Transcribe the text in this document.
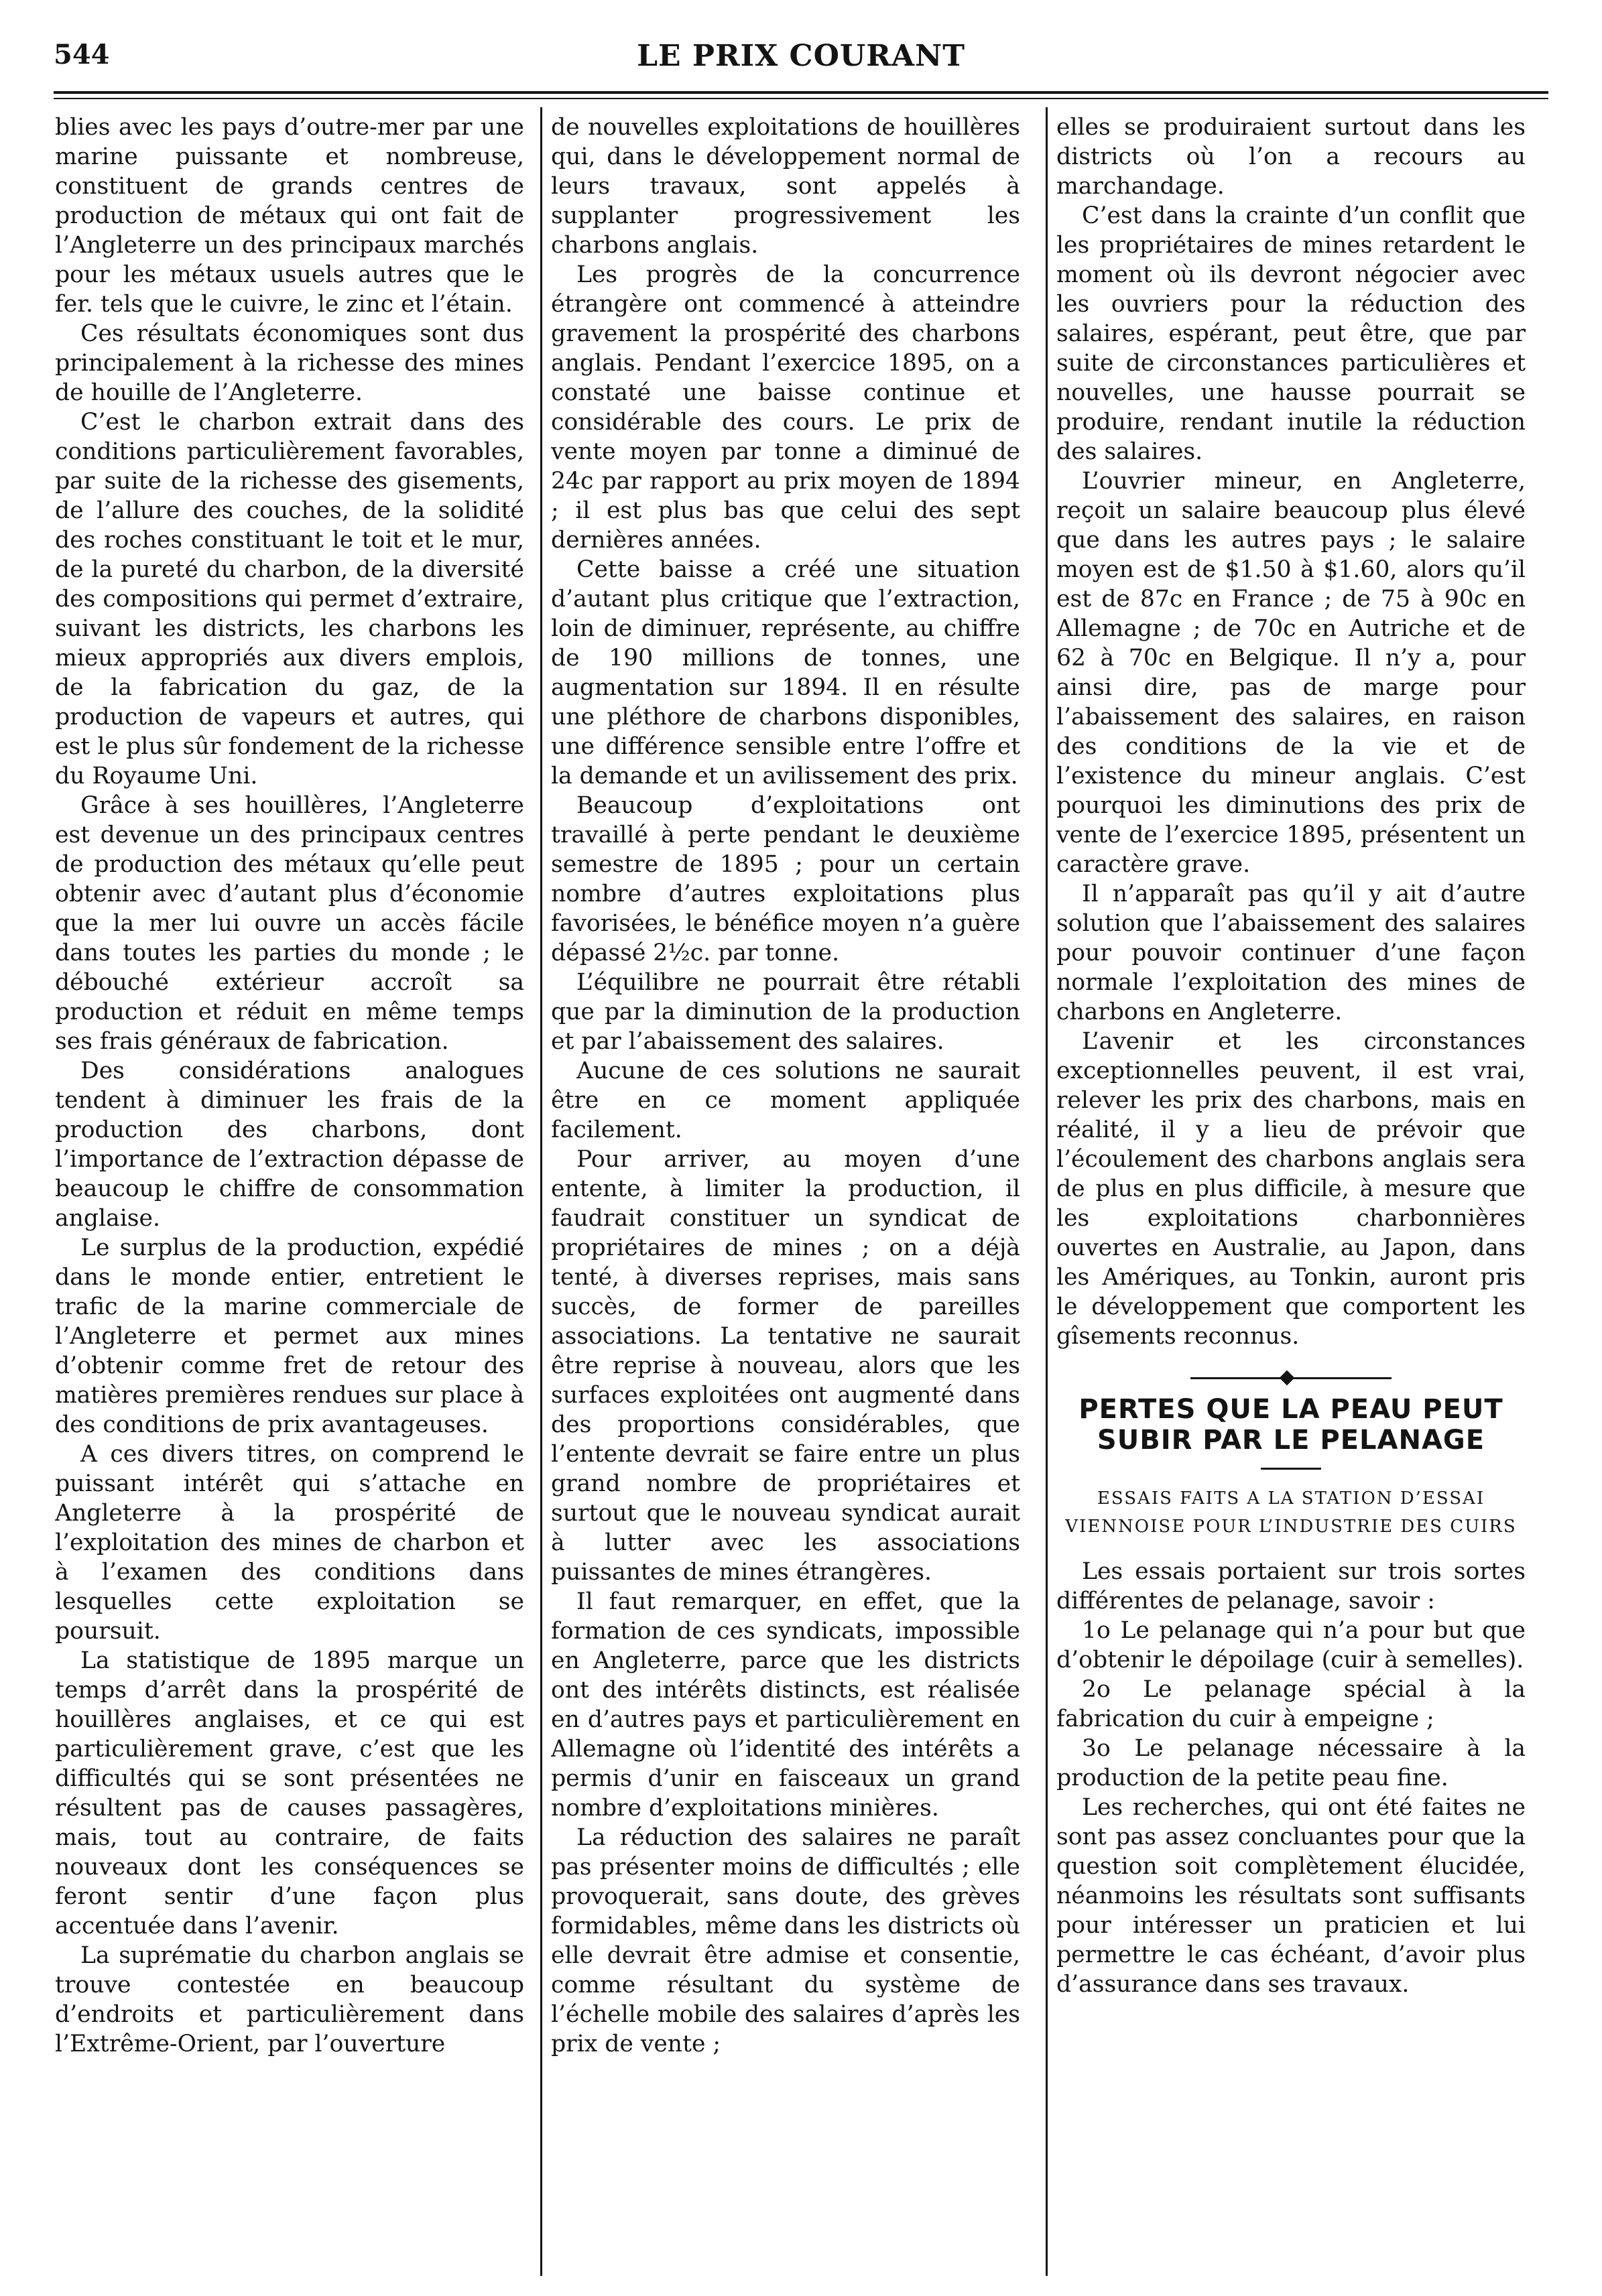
544	LE PRIX COURANT

blies avec les pays d’outre-mer par une marine puissante et nombreuse, constituent de grands centres de production de métaux qui ont fait de l’Angleterre un des principaux marchés pour les métaux usuels autres que le fer. tels que le cuivre, le zinc et l’étain.

Ces résultats économiques sont dus principalement à la richesse des mines de houille de l’Angleterre.

C’est le charbon extrait dans des conditions particulièrement favorables, par suite de la richesse des gisements, de l’allure des couches, de la solidité des roches constituant le toit et le mur, de la pureté du charbon, de la diversité des compositions qui permet d’extraire, suivant les districts, les charbons les mieux appropriés aux divers emplois, de la fabrication du gaz, de la production de vapeurs et autres, qui est le plus sûr fondement de la richesse du Royaume Uni.

Grâce à ses houillères, l’Angleterre est devenue un des principaux centres de production des métaux qu’elle peut obtenir avec d’autant plus d’économie que la mer lui ouvre un accès fácile dans toutes les parties du monde ; le débouché extérieur accroît sa production et réduit en même temps ses frais généraux de fabrication.

Des considérations analogues tendent à diminuer les frais de la production des charbons, dont l’importance de l’extraction dépasse de beaucoup le chiffre de consommation anglaise.

Le surplus de la production, expédié dans le monde entier, entretient le trafic de la marine commerciale de l’Angleterre et permet aux mines d’obtenir comme fret de retour des matières premières rendues sur place à des conditions de prix avantageuses.

A ces divers titres, on comprend le puissant intérêt qui s’attache en Angleterre à la prospérité de l’exploitation des mines de charbon et à l’examen des conditions dans lesquelles cette exploitation se poursuit.

La statistique de 1895 marque un temps d’arrêt dans la prospérité de houillères anglaises, et ce qui est particulièrement grave, c’est que les difficultés qui se sont présentées ne résultent pas de causes passagères, mais, tout au contraire, de faits nouveaux dont les conséquences se feront sentir d’une façon plus accentuée dans l’avenir.

La suprématie du charbon anglais se trouve contestée en beaucoup d’endroits et particulièrement dans l’Extrême-Orient, par l’ouverture

de nouvelles exploitations de houillères qui, dans le développement normal de leurs travaux, sont appelés à supplanter progressivement les charbons anglais.

Les progrès de la concurrence étrangère ont commencé à atteindre gravement la prospérité des charbons anglais. Pendant l’exercice 1895, on a constaté une baisse continue et considérable des cours. Le prix de vente moyen par tonne a diminué de 24c par rapport au prix moyen de 1894 ; il est plus bas que celui des sept dernières années.

Cette baisse a créé une situation d’autant plus critique que l’extraction, loin de diminuer, représente, au chiffre de 190 millions de tonnes, une augmentation sur 1894. Il en résulte une pléthore de charbons disponibles, une différence sensible entre l’offre et la demande et un avilissement des prix.

Beaucoup d’exploitations ont travaillé à perte pendant le deuxième semestre de 1895 ; pour un certain nombre d’autres exploitations plus favorisées, le bénéfice moyen n’a guère dépassé 2½c. par tonne.

L’équilibre ne pourrait être rétabli que par la diminution de la production et par l’abaissement des salaires.

Aucune de ces solutions ne saurait être en ce moment appliquée facilement.

Pour arriver, au moyen d’une entente, à limiter la production, il faudrait constituer un syndicat de propriétaires de mines ; on a déjà tenté, à diverses reprises, mais sans succès, de former de pareilles associations. La tentative ne saurait être reprise à nouveau, alors que les surfaces exploitées ont augmenté dans des proportions considérables, que l’entente devrait se faire entre un plus grand nombre de propriétaires et surtout que le nouveau syndicat aurait à lutter avec les associations puissantes de mines étrangères.

Il faut remarquer, en effet, que la formation de ces syndicats, impossible en Angleterre, parce que les districts ont des intérêts distincts, est réalisée en d’autres pays et particulièrement en Allemagne où l’identité des intérêts a permis d’unir en faisceaux un grand nombre d’exploitations minières.

La réduction des salaires ne paraît pas présenter moins de difficultés ; elle provoquerait, sans doute, des grèves formidables, même dans les districts où elle devrait être admise et consentie, comme résultant du système de l’échelle mobile des salaires d’après les prix de vente ;

elles se produiraient surtout dans les districts où l’on a recours au marchandage.

C’est dans la crainte d’un conflit que les propriétaires de mines retardent le moment où ils devront négocier avec les ouvriers pour la réduction des salaires, espérant, peut être, que par suite de circonstances particulières et nouvelles, une hausse pourrait se produire, rendant inutile la réduction des salaires.

L’ouvrier mineur, en Angleterre, reçoit un salaire beaucoup plus élevé que dans les autres pays ; le salaire moyen est de $1.50 à $1.60, alors qu’il est de 87c en France ; de 75 à 90c en Allemagne ; de 70c en Autriche et de 62 à 70c en Belgique. Il n’y a, pour ainsi dire, pas de marge pour l’abaissement des salaires, en raison des conditions de la vie et de l’existence du mineur anglais. C’est pourquoi les diminutions des prix de vente de l’exercice 1895, présentent un caractère grave.

Il n’apparaît pas qu’il y ait d’autre solution que l’abaissement des salaires pour pouvoir continuer d’une façon normale l’exploitation des mines de charbons en Angleterre.

L’avenir et les circonstances exceptionnelles peuvent, il est vrai, relever les prix des charbons, mais en réalité, il y a lieu de prévoir que l’écoulement des charbons anglais sera de plus en plus difficile, à mesure que les exploitations charbonnières ouvertes en Australie, au Japon, dans les Amériques, au Tonkin, auront pris le développement que comportent les gîsements reconnus.

PERTES QUE LA PEAU PEUT SUBIR PAR LE PELANAGE
ESSAIS FAITS A LA STATION D’ESSAI VIENNOISE POUR L’INDUSTRIE DES CUIRS

Les essais portaient sur trois sortes différentes de pelanage, savoir :

1o Le pelanage qui n’a pour but que d’obtenir le dépoilage (cuir à semelles).

2o Le pelanage spécial à la fabrication du cuir à empeigne ;

3o Le pelanage nécessaire à la production de la petite peau fine.

Les recherches, qui ont été faites ne sont pas assez concluantes pour que la question soit complètement élucidée, néanmoins les résultats sont suffisants pour intéresser un praticien et lui permettre le cas échéant, d’avoir plus d’assurance dans ses travaux.
